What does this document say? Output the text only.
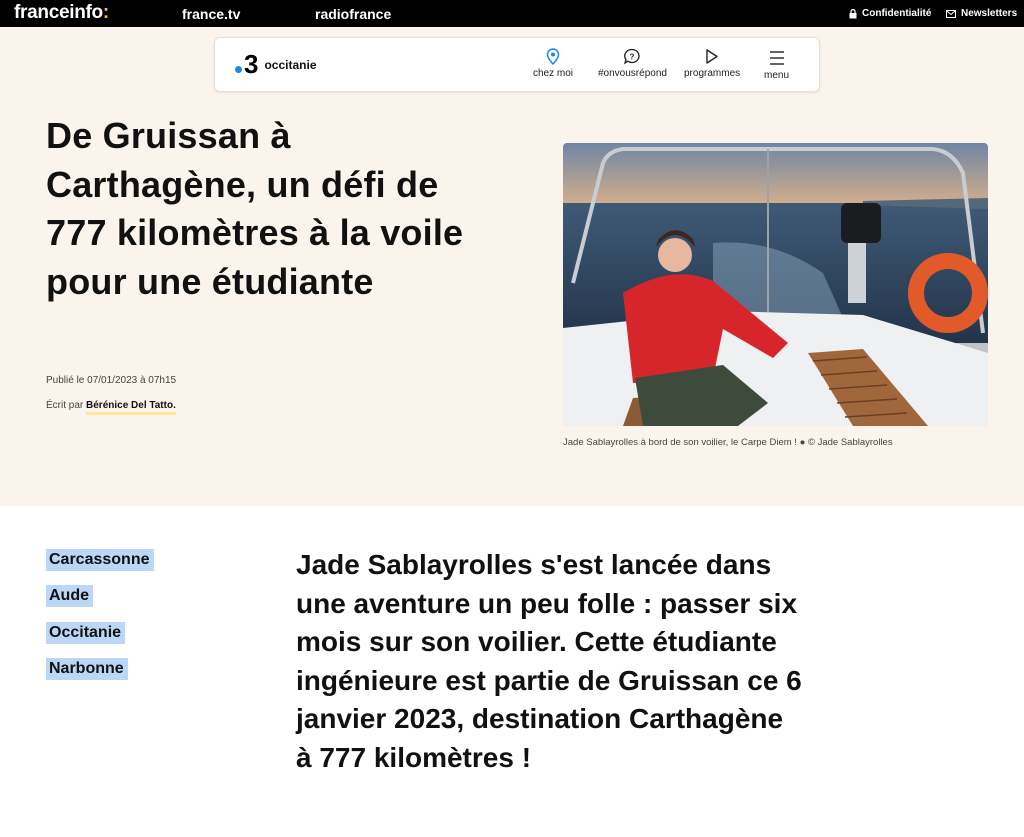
franceinfo:	france.tv	radiofrance	Confidentialité	Newsletters
3 occitanie
chez moi
?
#onvousrépond programmes menu
De Gruissan à Carthagène, un défi de 777 kilomètres à la voile pour une étudiante
Publié le 07/01/2023 à 07h15
Écrit par Bérénice Del Tatto.
Jade Sablayrolles à bord de son voilier, le Carpe Diem ! ● © Jade Sablayrolles
Carcassonne
Aude
Occitanie
Narbonne

Jade Sablayrolles s'est lancée dans une aventure un peu folle : passer six mois sur son voilier. Cette étudiante ingénieure est partie de Gruissan ce 6 janvier 2023, destination Carthagène à 777 kilomètres !
